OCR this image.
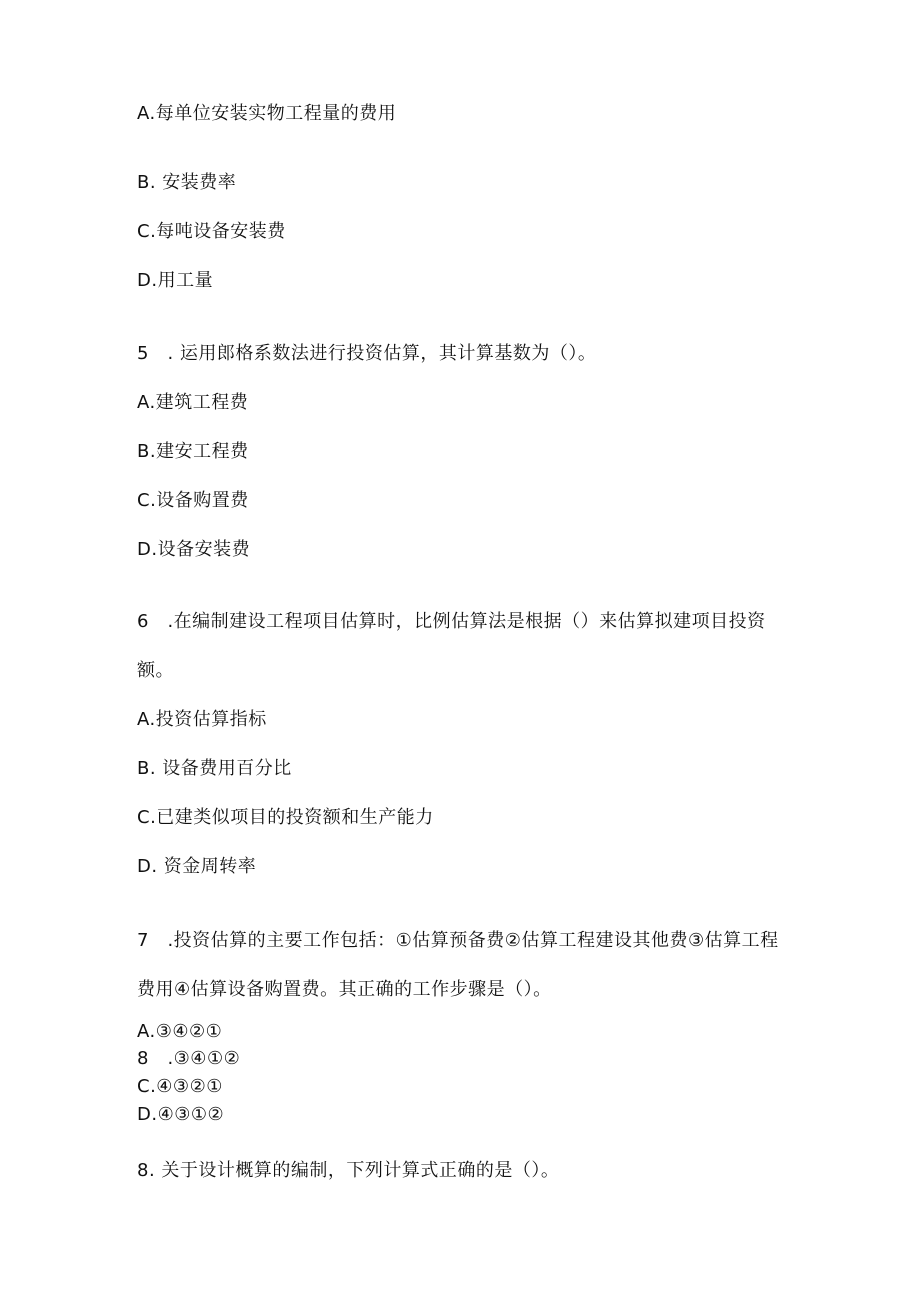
A.每单位安装实物工程量的费用
B. 安装费率
C.每吨设备安装费
D.用工量
5　. 运用郎格系数法进行投资估算，其计算基数为（）。
A.建筑工程费
B.建安工程费
C.设备购置费
D.设备安装费
6　.在编制建设工程项目估算时，比例估算法是根据（）来估算拟建项目投资
额。
A.投资估算指标
B. 设备费用百分比
C.已建类似项目的投资额和生产能力
D. 资金周转率
7　.投资估算的主要工作包括：①估算预备费②估算工程建设其他费③估算工程
费用④估算设备购置费。其正确的工作步骤是（）。
A.③④②①
8　.③④①②
C.④③②①
D.④③①②
8. 关于设计概算的编制，下列计算式正确的是（）。
